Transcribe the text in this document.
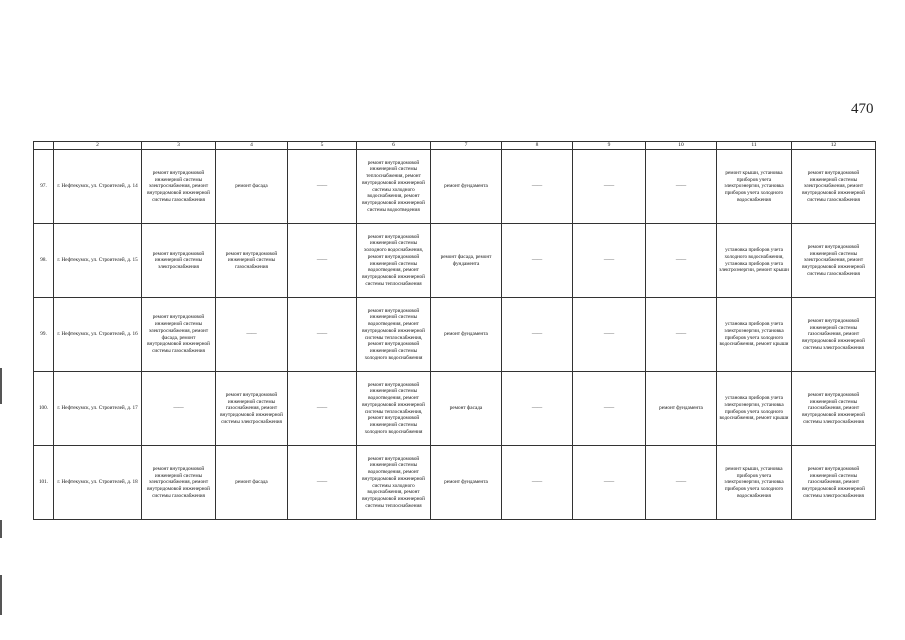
470
	2	3	4	5	6	7	8	9	10	11	12
97.	г. Нефтекумск, ул. Строителей, д. 14	ремонт внутридомовой инженерной системы электроснабжения, ремонт внутридомовой инженерной системы газоснабжения	ремонт фасада	——	ремонт внутридомовой инженерной системы теплоснабжения, ремонт внутридомовой инженерной системы холодного водоснабжения, ремонт внутридомовой инженерной системы водоотведения	ремонт фундамента	——	——	——	ремонт крыши, установка приборов учета электроэнергии, установка приборов учета холодного водоснабжения	ремонт внутридомовой инженерной системы электроснабжения, ремонт внутридомовой инженерной системы газоснабжения
98.	г. Нефтекумск, ул. Строителей, д. 15	ремонт внутридомовой инженерной системы электроснабжения	ремонт внутридомовой инженерной системы газоснабжения	——	ремонт внутридомовой инженерной системы холодного водоснабжения, ремонт внутридомовой инженерной системы водоотведения, ремонт внутридомовой инженерной системы теплоснабжения	ремонт фасада, ремонт фундамента	——	——	——	установка приборов учета холодного водоснабжения, установка приборов учета электроэнергии, ремонт крыши	ремонт внутридомовой инженерной системы электроснабжения, ремонт внутридомовой инженерной системы газоснабжения
99.	г. Нефтекумск, ул. Строителей, д. 16	ремонт внутридомовой инженерной системы электроснабжения, ремонт фасада, ремонт внутридомовой инженерной системы газоснабжения	——	——	ремонт внутридомовой инженерной системы водоотведения, ремонт внутридомовой инженерной системы теплоснабжения, ремонт внутридомовой инженерной системы холодного водоснабжения	ремонт фундамента	——	——	——	установка приборов учета электроэнергии, установка приборов учета холодного водоснабжения, ремонт крыши	ремонт внутридомовой инженерной системы газоснабжения, ремонт внутридомовой инженерной системы электроснабжения
100.	г. Нефтекумск, ул. Строителей, д. 17	——	ремонт внутридомовой инженерной системы газоснабжения, ремонт внутридомовой инженерной системы электроснабжения	——	ремонт внутридомовой инженерной системы водоотведения, ремонт внутридомовой инженерной системы теплоснабжения, ремонт внутридомовой инженерной системы холодного водоснабжения	ремонт фасада	——	——	ремонт фундамента	установка приборов учета электроэнергии, установка приборов учета холодного водоснабжения, ремонт крыши	ремонт внутридомовой инженерной системы газоснабжения, ремонт внутридомовой инженерной системы электроснабжения
101.	г. Нефтекумск, ул. Строителей, д. 18	ремонт внутридомовой инженерной системы электроснабжения, ремонт внутридомовой инженерной системы газоснабжения	ремонт фасада	——	ремонт внутридомовой инженерной системы водоотведения, ремонт внутридомовой инженерной системы холодного водоснабжения, ремонт внутридомовой инженерной системы теплоснабжения	ремонт фундамента	——	——	——	ремонт крыши, установка приборов учета электроэнергии, установка приборов учета холодного водоснабжения	ремонт внутридомовой инженерной системы газоснабжения, ремонт внутридомовой инженерной системы электроснабжения
